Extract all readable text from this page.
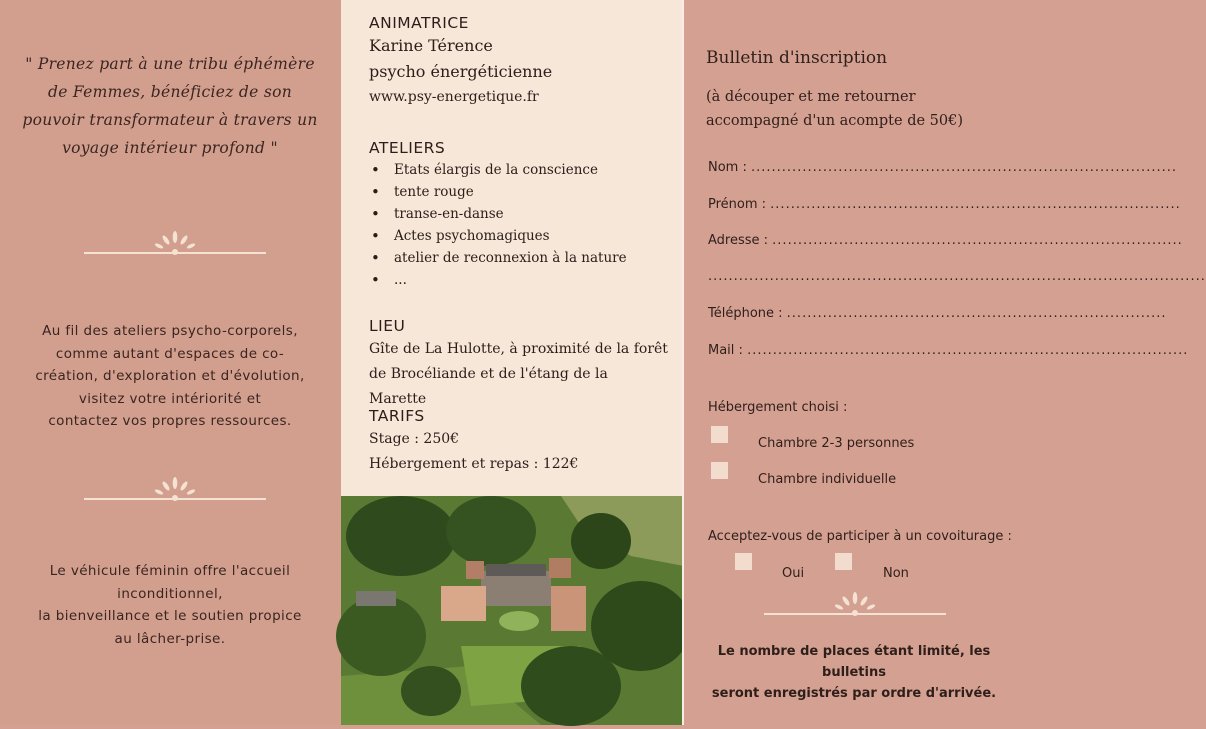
" Prenez part à une tribu éphémère de Femmes, bénéficiez de son pouvoir transformateur à travers un voyage intérieur profond "
Au fil des ateliers psycho-corporels,
comme autant d'espaces de co-
création, d'exploration et d'évolution,
visitez votre intériorité et
contactez vos propres ressources.
Le véhicule féminin offre l'accueil
inconditionnel,
la bienveillance et le soutien propice
au lâcher-prise.
ANIMATRICE
Karine Térence
psycho énergéticienne
www.psy-energetique.fr
ATELIERS
• Etats élargis de la conscience
• tente rouge
• transe-en-danse
• Actes psychomagiques
• atelier de reconnexion à la nature
• ...
LIEU
Gîte de La Hulotte, à proximité de la forêt
de Brocéliande et de l'étang de la Marette
TARIFS
Stage : 250€
Hébergement et repas : 122€
Bulletin d'inscription
(à découper et me retourner
accompagné d'un acompte de 50€)
Nom : ...................................................................................
Prénom : ................................................................................
Adresse : ................................................................................
.................................................................................................
Téléphone : ..........................................................................
Mail : ......................................................................................
Hébergement choisi :
Chambre 2-3 personnes
Chambre individuelle
Acceptez-vous de participer à un covoiturage :
Oui	Non
Le nombre de places étant limité, les bulletins
seront enregistrés par ordre d'arrivée.
